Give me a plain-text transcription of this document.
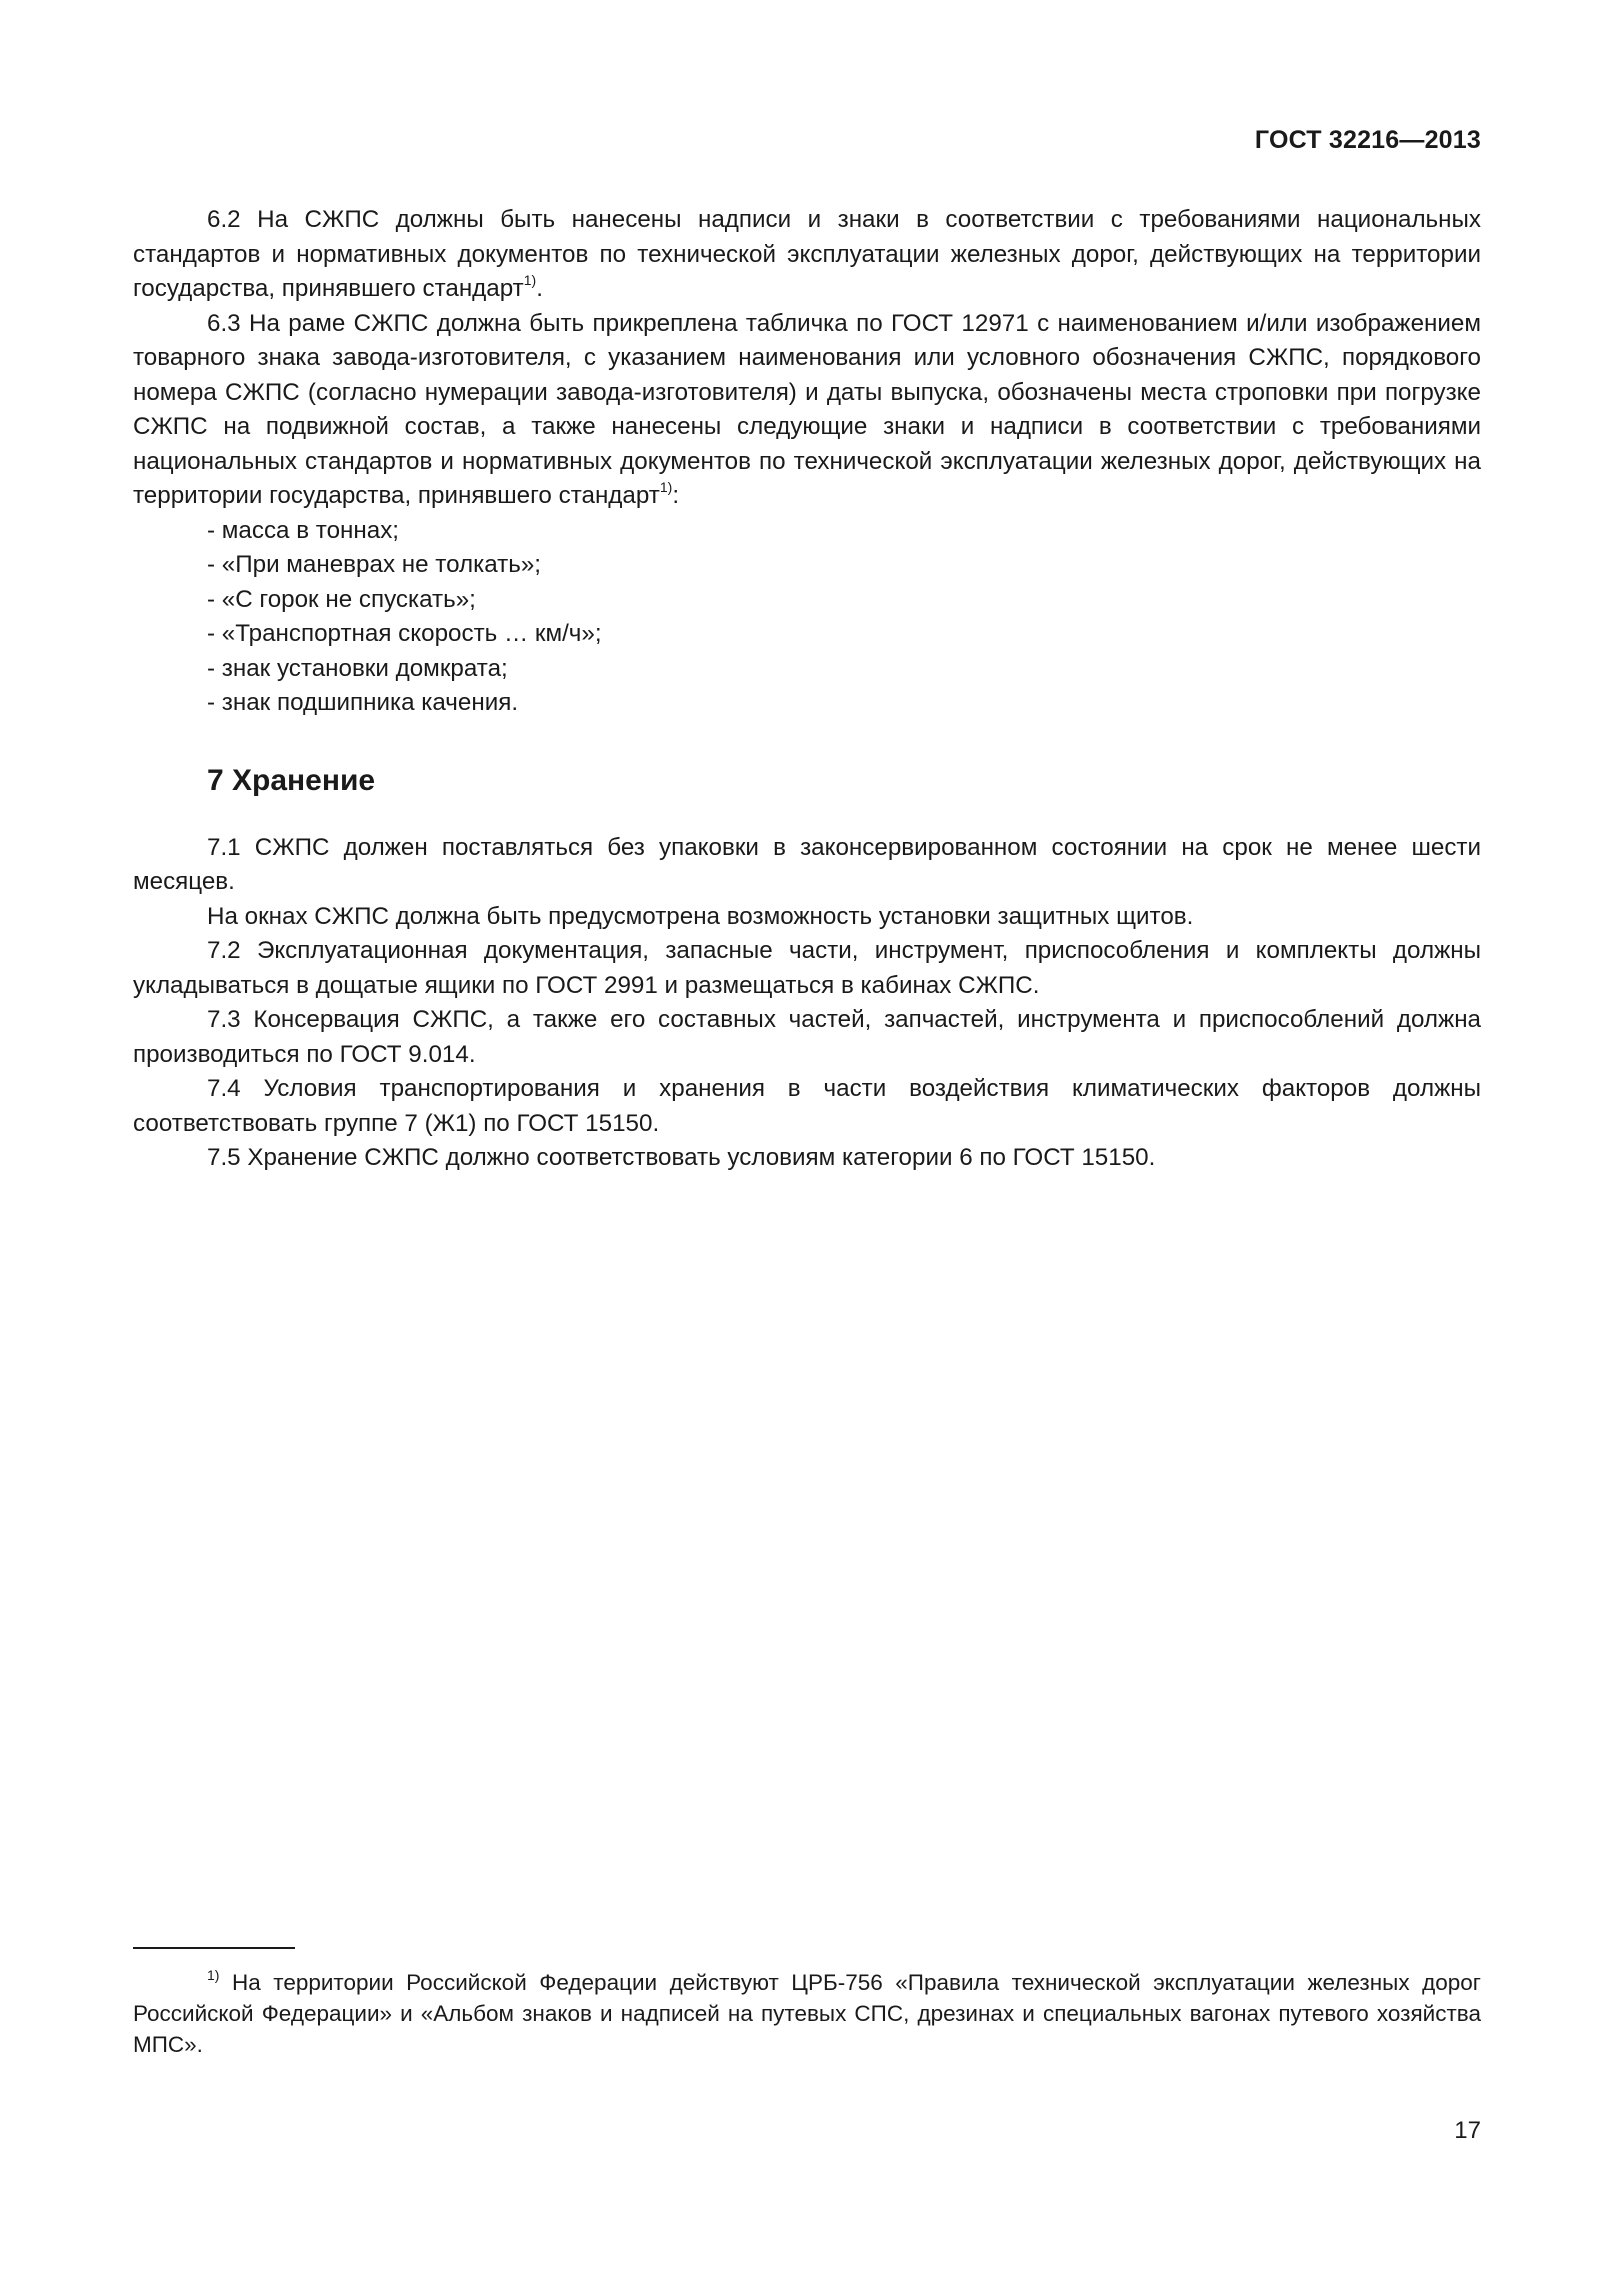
ГОСТ 32216—2013

6.2 На СЖПС должны быть нанесены надписи и знаки в соответствии с требованиями национальных стандартов и нормативных документов по технической эксплуатации железных дорог, действующих на территории государства, принявшего стандарт$^{1)}$.

6.3 На раме СЖПС должна быть прикреплена табличка по ГОСТ 12971 с наименованием и/или изображением товарного знака завода-изготовителя, с указанием наименования или условного обозначения СЖПС, порядкового номера СЖПС (согласно нумерации завода-изготовителя) и даты выпуска, обозначены места строповки при погрузке СЖПС на подвижной состав, а также нанесены следующие знаки и надписи в соответствии с требованиями национальных стандартов и нормативных документов по технической эксплуатации железных дорог, действующих на территории государства, принявшего стандарт$^{1)}$:

- масса в тоннах;

- «При маневрах не толкать»;

- «С горок не спускать»;

- «Транспортная скорость … км/ч»;

- знак установки домкрата;

- знак подшипника качения.

7 Хранение

7.1 СЖПС должен поставляться без упаковки в законсервированном состоянии на срок не менее шести месяцев.

На окнах СЖПС должна быть предусмотрена возможность установки защитных щитов.

7.2 Эксплуатационная документация, запасные части, инструмент, приспособления и комплекты должны укладываться в дощатые ящики по ГОСТ 2991 и размещаться в кабинах СЖПС.

7.3 Консервация СЖПС, а также его составных частей, запчастей, инструмента и приспособлений должна производиться по ГОСТ 9.014.

7.4 Условия транспортирования и хранения в части воздействия климатических факторов должны соответствовать группе 7 (Ж1) по ГОСТ 15150.

7.5 Хранение СЖПС должно соответствовать условиям категории 6 по ГОСТ 15150.

$^{1)}$ На территории Российской Федерации действуют ЦРБ-756 «Правила технической эксплуатации железных дорог Российской Федерации» и «Альбом знаков и надписей на путевых СПС, дрезинах и специальных вагонах путевого хозяйства МПС».

17
